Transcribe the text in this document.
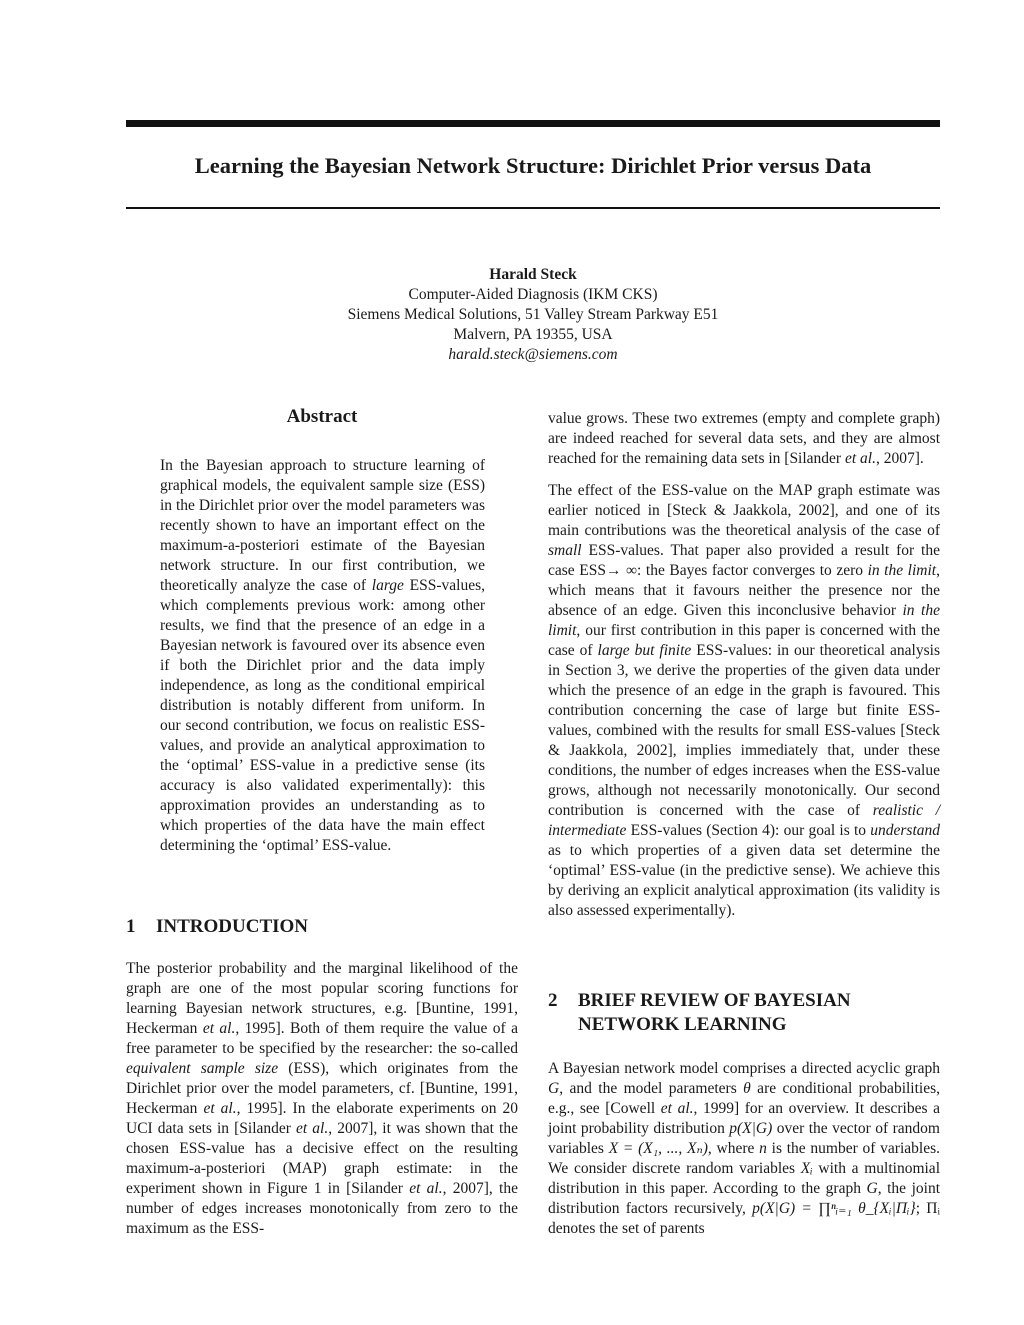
Learning the Bayesian Network Structure: Dirichlet Prior versus Data
Harald Steck
Computer-Aided Diagnosis (IKM CKS)
Siemens Medical Solutions, 51 Valley Stream Parkway E51
Malvern, PA 19355, USA
harald.steck@siemens.com
Abstract

In the Bayesian approach to structure learning of graphical models, the equivalent sample size (ESS) in the Dirichlet prior over the model parameters was recently shown to have an important effect on the maximum-a-posteriori estimate of the Bayesian network structure. In our first contribution, we theoretically analyze the case of large ESS-values, which complements previous work: among other results, we find that the presence of an edge in a Bayesian network is favoured over its absence even if both the Dirichlet prior and the data imply independence, as long as the conditional empirical distribution is notably different from uniform. In our second contribution, we focus on realistic ESS-values, and provide an analytical approximation to the ‘optimal’ ESS-value in a predictive sense (its accuracy is also validated experimentally): this approximation provides an understanding as to which properties of the data have the main effect determining the ‘optimal’ ESS-value.

1 INTRODUCTION

The posterior probability and the marginal likelihood of the graph are one of the most popular scoring functions for learning Bayesian network structures, e.g. [Buntine, 1991, Heckerman et al., 1995]. Both of them require the value of a free parameter to be specified by the researcher: the so-called equivalent sample size (ESS), which originates from the Dirichlet prior over the model parameters, cf. [Buntine, 1991, Heckerman et al., 1995]. In the elaborate experiments on 20 UCI data sets in [Silander et al., 2007], it was shown that the chosen ESS-value has a decisive effect on the resulting maximum-a-posteriori (MAP) graph estimate: in the experiment shown in Figure 1 in [Silander et al., 2007], the number of edges increases monotonically from zero to the maximum as the ESS-

value grows. These two extremes (empty and complete graph) are indeed reached for several data sets, and they are almost reached for the remaining data sets in [Silander et al., 2007].

The effect of the ESS-value on the MAP graph estimate was earlier noticed in [Steck & Jaakkola, 2002], and one of its main contributions was the theoretical analysis of the case of small ESS-values. That paper also provided a result for the case ESS→ ∞: the Bayes factor converges to zero in the limit, which means that it favours neither the presence nor the absence of an edge. Given this inconclusive behavior in the limit, our first contribution in this paper is concerned with the case of large but finite ESS-values: in our theoretical analysis in Section 3, we derive the properties of the given data under which the presence of an edge in the graph is favoured. This contribution concerning the case of large but finite ESS-values, combined with the results for small ESS-values [Steck & Jaakkola, 2002], implies immediately that, under these conditions, the number of edges increases when the ESS-value grows, although not necessarily monotonically. Our second contribution is concerned with the case of realistic / intermediate ESS-values (Section 4): our goal is to understand as to which properties of a given data set determine the ‘optimal’ ESS-value (in the predictive sense). We achieve this by deriving an explicit analytical approximation (its validity is also assessed experimentally).

2 BRIEF REVIEW OF BAYESIAN
NETWORK LEARNING

A Bayesian network model comprises a directed acyclic graph G, and the model parameters θ are conditional probabilities, e.g., see [Cowell et al., 1999] for an overview. It describes a joint probability distribution p(X|G) over the vector of random variables X = (X₁, ..., Xₙ), where n is the number of variables. We consider discrete random variables Xᵢ with a multinomial distribution in this paper. According to the graph G, the joint distribution factors recursively, p(X|G) = ∏ⁿᵢ₌₁ θ_{Xᵢ|Πᵢ}; Πᵢ denotes the set of parents
